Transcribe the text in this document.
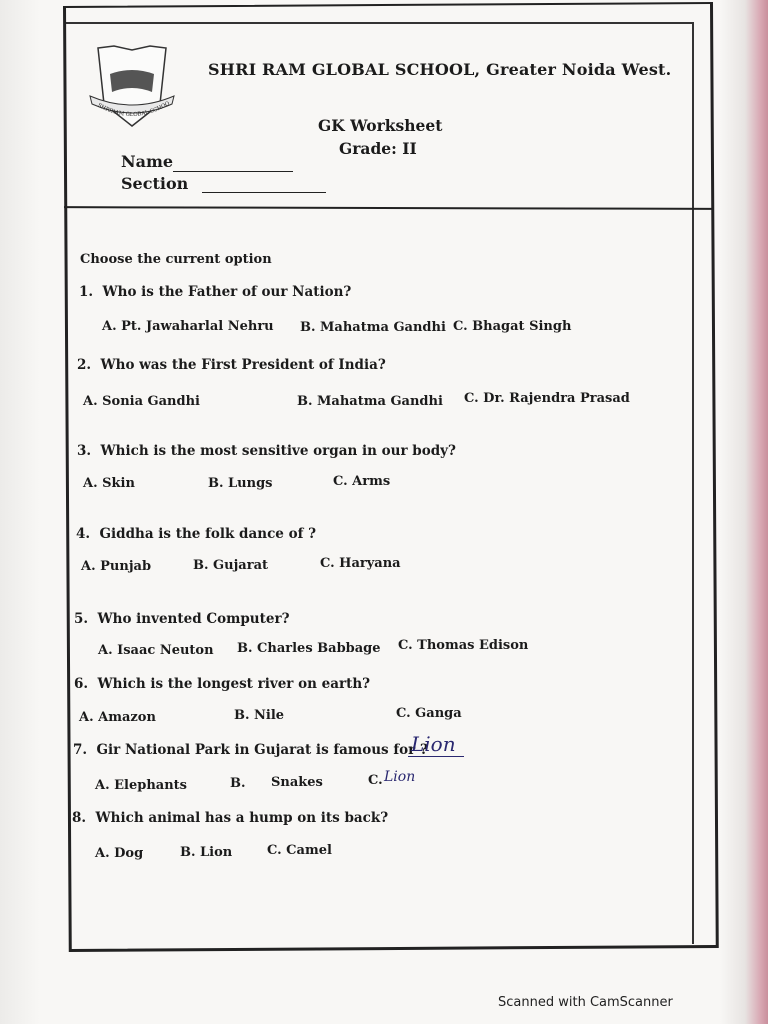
SHRIRAM GLOBAL SCHOO
SHRI RAM GLOBAL SCHOOL, Greater Noida West.
GK Worksheet
Grade: II
Name
Section
Choose the current option
1. Who is the Father of our Nation?
A. Pt. Jawaharlal Nehru B. Mahatma Gandhi C. Bhagat Singh
2. Who was the First President of India?
A. Sonia Gandhi	B. Mahatma Gandhi C. Dr. Rajendra Prasad
3. Which is the most sensitive organ in our body?
A. Skin	B. Lungs	C. Arms
4. Giddha is the folk dance of ?
A. Punjab	B. Gujarat	C. Haryana
5. Who invented Computer?
A. Isaac Neuton B. Charles Babbage C. Thomas Edison
6. Which is the longest river on earth?
A. Amazon	B. Nile	C. Ganga
7. Gir National Park in Gujarat is famous for ?
Lion
A. Elephants	B. Snakes	C. Lion
8. Which animal has a hump on its back?
A. Dog	B. Lion	C. Camel
Scanned with CamScanner
